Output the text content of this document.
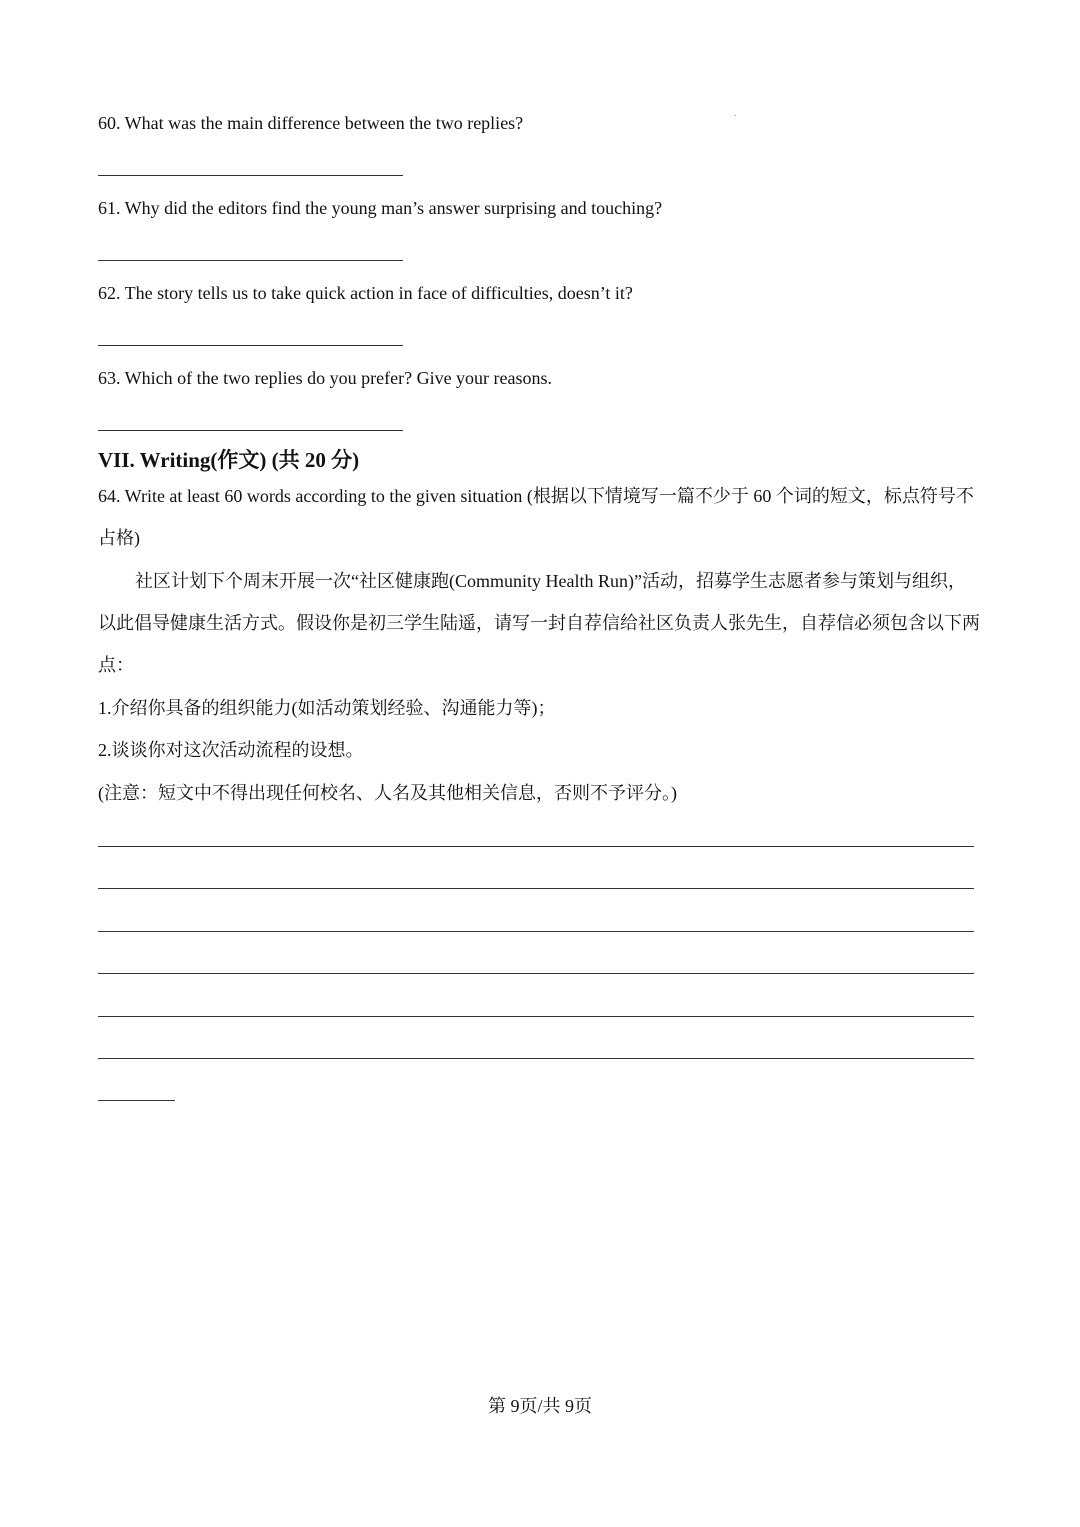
60. What was the main difference between the two replies?
61. Why did the editors find the young man’s answer surprising and touching?
62. The story tells us to take quick action in face of difficulties, doesn’t it?
63. Which of the two replies do you prefer? Give your reasons.
VII. Writing(作文) (共 20 分)
64. Write at least 60 words according to the given situation (根据以下情境写一篇不少于 60 个词的短文，标点符号不占格)
社区计划下个周末开展一次“社区健康跑(Community Health Run)”活动，招募学生志愿者参与策划与组织，以此倡导健康生活方式。假设你是初三学生陆遥，请写一封自荐信给社区负责人张先生，自荐信必须包含以下两点：
1.介绍你具备的组织能力(如活动策划经验、沟通能力等)；
2.谈谈你对这次活动流程的设想。
(注意：短文中不得出现任何校名、人名及其他相关信息，否则不予评分。)
第 9页/共 9页
